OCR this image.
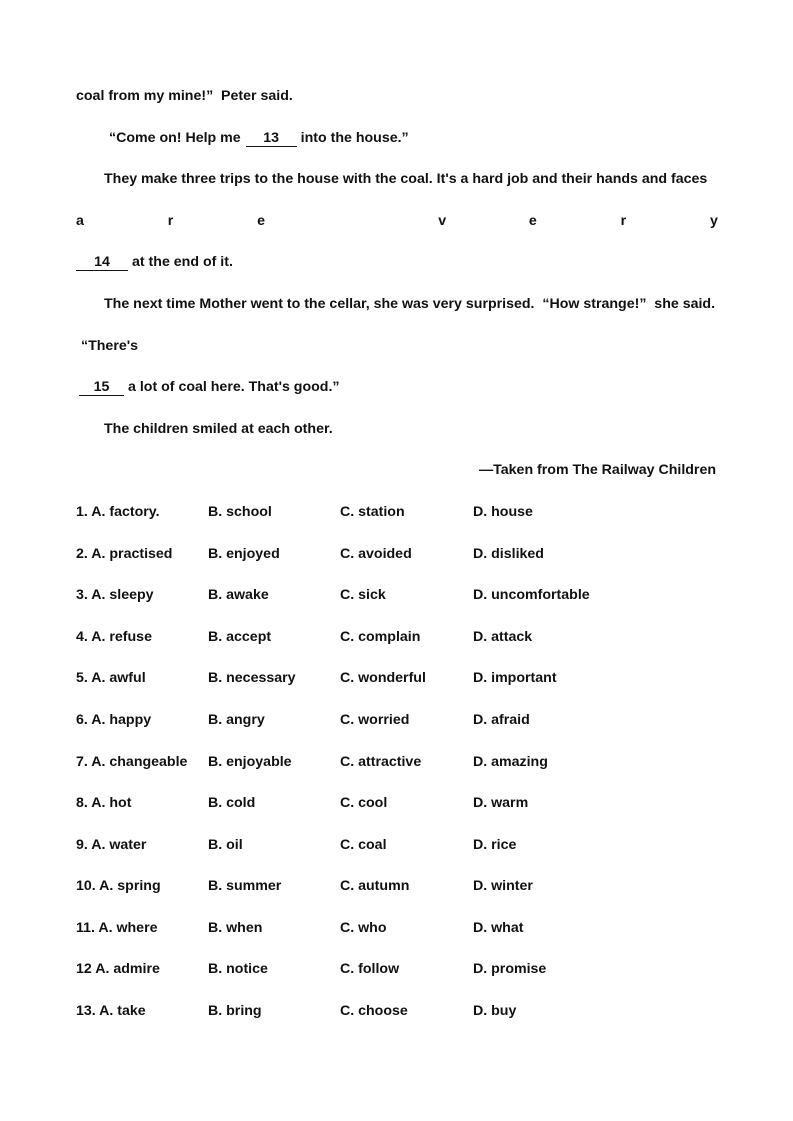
coal from my mine!”  Peter said.
“Come on! Help me 13 into the house.”
They make three trips to the house with the coal. It's a hard job and their hands and faces
a	r	e
	v	e	r	y
14 at the end of it.
The next time Mother went to the cellar, she was very surprised.  “How strange!”  she said.
“There's
15 a lot of coal here. That's good.”
The children smiled at each other.
—Taken from The Railway Children
1. A. factory.	B. school	C. station	D. house
2. A. practised	B. enjoyed	C. avoided	D. disliked
3. A. sleepy	B. awake	C. sick	D. uncomfortable
4. A. refuse	B. accept	C. complain	D. attack
5. A. awful	B. necessary	C. wonderful	D. important
6. A. happy	B. angry	C. worried	D. afraid
7. A. changeable	B. enjoyable	C. attractive	D. amazing
8. A. hot	B. cold	C. cool	D. warm
9. A. water	B. oil	C. coal	D. rice
10. A. spring	B. summer	C. autumn	D. winter
11. A. where	B. when	C. who	D. what
12 A. admire	B. notice	C. follow	D. promise
13. A. take	B. bring	C. choose	D. buy
